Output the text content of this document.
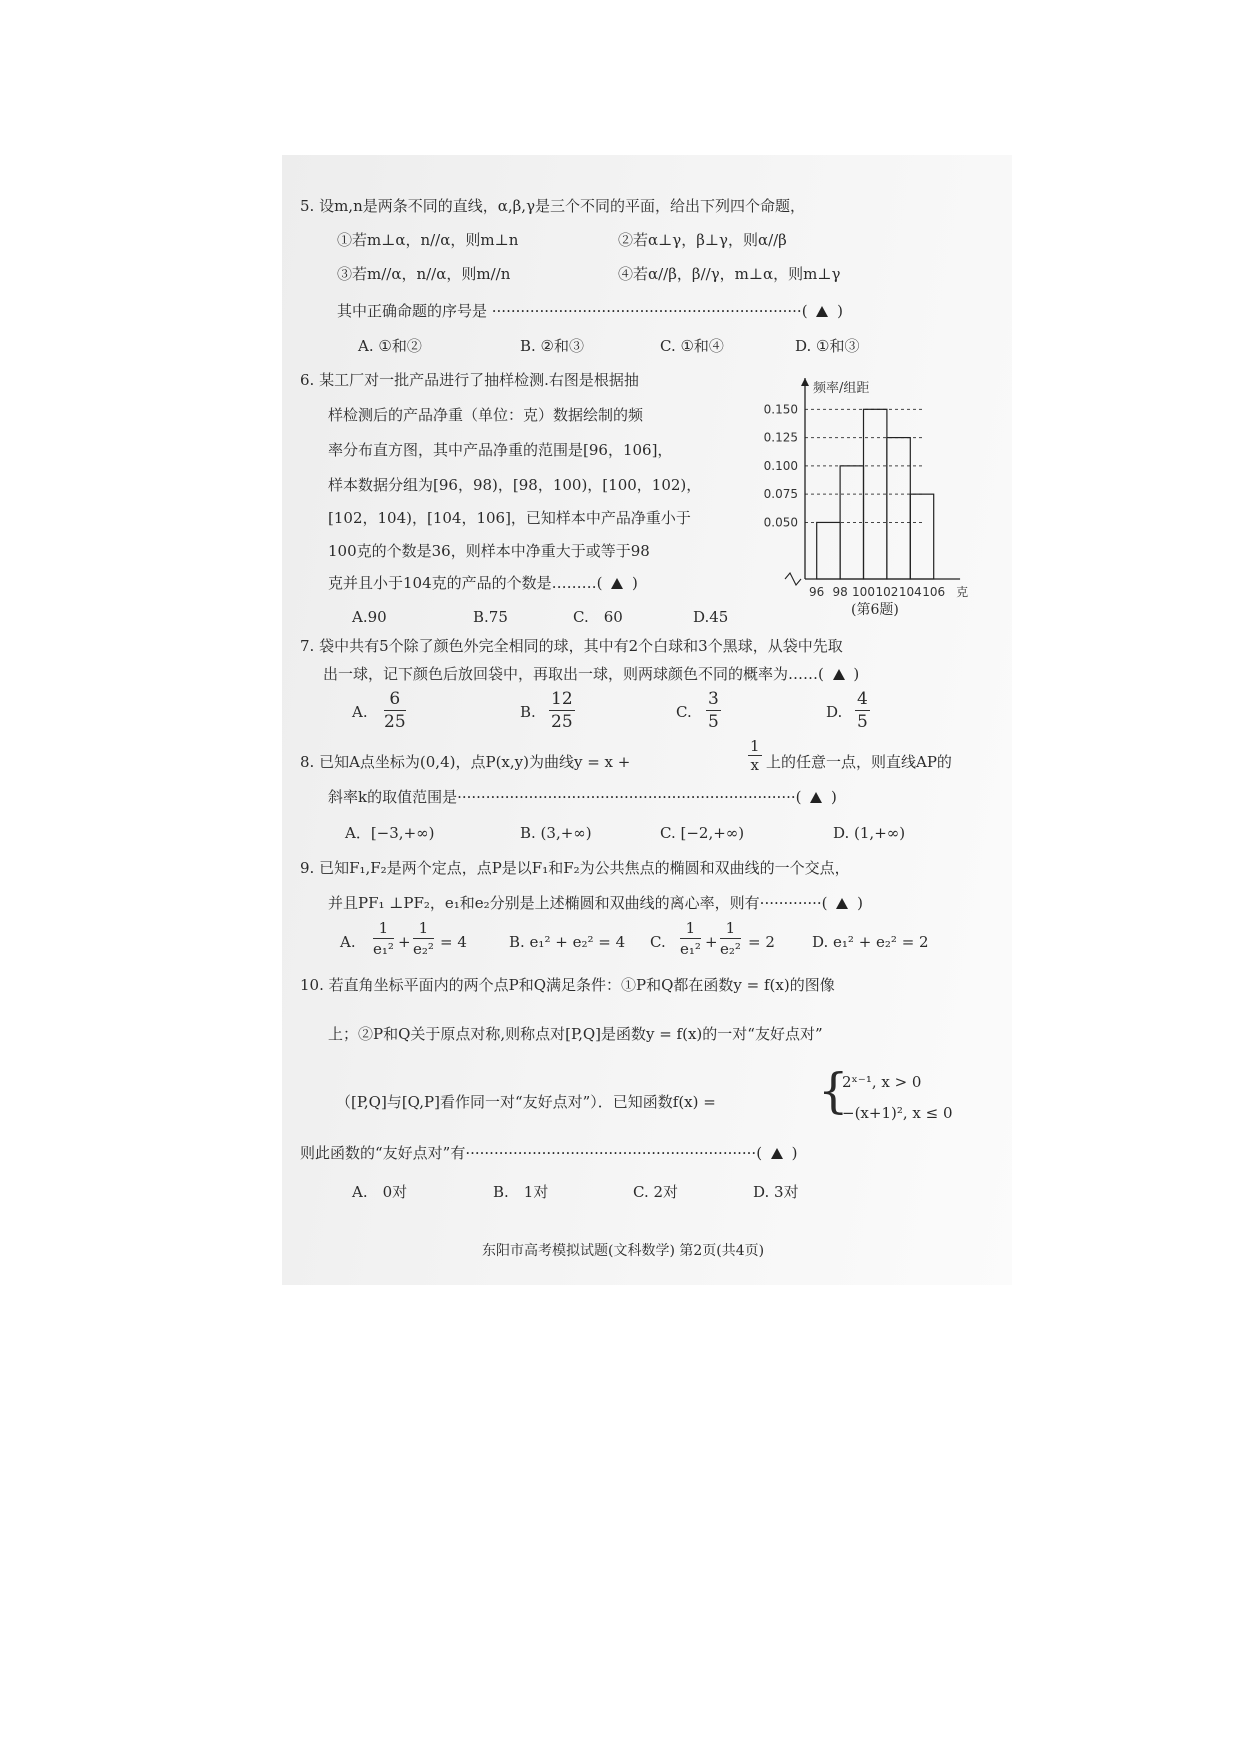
5. 设m,n是两条不同的直线，α,β,γ是三个不同的平面，给出下列四个命题，
①若m⊥α，n//α，则m⊥n	②若α⊥γ，β⊥γ，则α//β
③若m//α，n//α，则m//n	④若α//β，β//γ，m⊥α，则m⊥γ
其中正确命题的序号是 ·································································( )
A. ①和②	B. ②和③	C. ①和④	D. ①和③
6. 某工厂对一批产品进行了抽样检测.右图是根据抽
样检测后的产品净重（单位：克）数据绘制的频
率分布直方图，其中产品净重的范围是[96，106]，
样本数据分组为[96，98)，[98，100)，[100，102)，
[102，104)，[104，106]，已知样本中产品净重小于
100克的个数是36，则样本中净重大于或等于98
克并且小于104克的产品的个数是………( )
A.90	B.75	C.　60	D.45
0.050
0.075
0.100
0.125
0.150
频率/组距
96 98 100 102 104 106 克
(第6题)
7. 袋中共有5个除了颜色外完全相同的球，其中有2个白球和3个黑球，从袋中先取
出一球，记下颜色后放回袋中，再取出一球，则两球颜色不同的概率为……( )
A. $\frac{6}{25}$	B. $\frac{12}{25}$	C. $\frac{3}{5}$	D. $\frac{4}{5}$
8. 已知A点坐标为(0,4)，点P(x,y)为曲线y = x +	$\frac{1}{x}$ 上的任意一点，则直线AP的
斜率k的取值范围是·······································································( )
A．[−3,+∞)	B. (3,+∞)	C. [−2,+∞)	D. (1,+∞)
9. 已知F₁,F₂是两个定点，点P是以F₁和F₂为公共焦点的椭圆和双曲线的一个交点，
并且PF₁ ⊥PF₂，e₁和e₂分别是上述椭圆和双曲线的离心率，则有·············( )
A. $\frac{1}{\text{e₁²}} + \frac{1}{\text{e₂²}} = 4$	B. e₁² + e₂² = 4 C. $\frac{1}{\text{e₁²}} + \frac{1}{\text{e₂²}} = 2$ D. e₁² + e₂² = 2
10. 若直角坐标平面内的两个点P和Q满足条件：①P和Q都在函数y = f(x)的图像
上；②P和Q关于原点对称,则称点对[P,Q]是函数y = f(x)的一对“友好点对”
（[P,Q]与[Q,P]看作同一对“友好点对”）．已知函数f(x) = {
2ˣ⁻¹, x > 0
−(x+1)², x ≤ 0
则此函数的“友好点对”有·····························································( )
A.　0对	B.　1对	C. 2对	D. 3对
东阳市高考模拟试题(文科数学) 第2页(共4页)
